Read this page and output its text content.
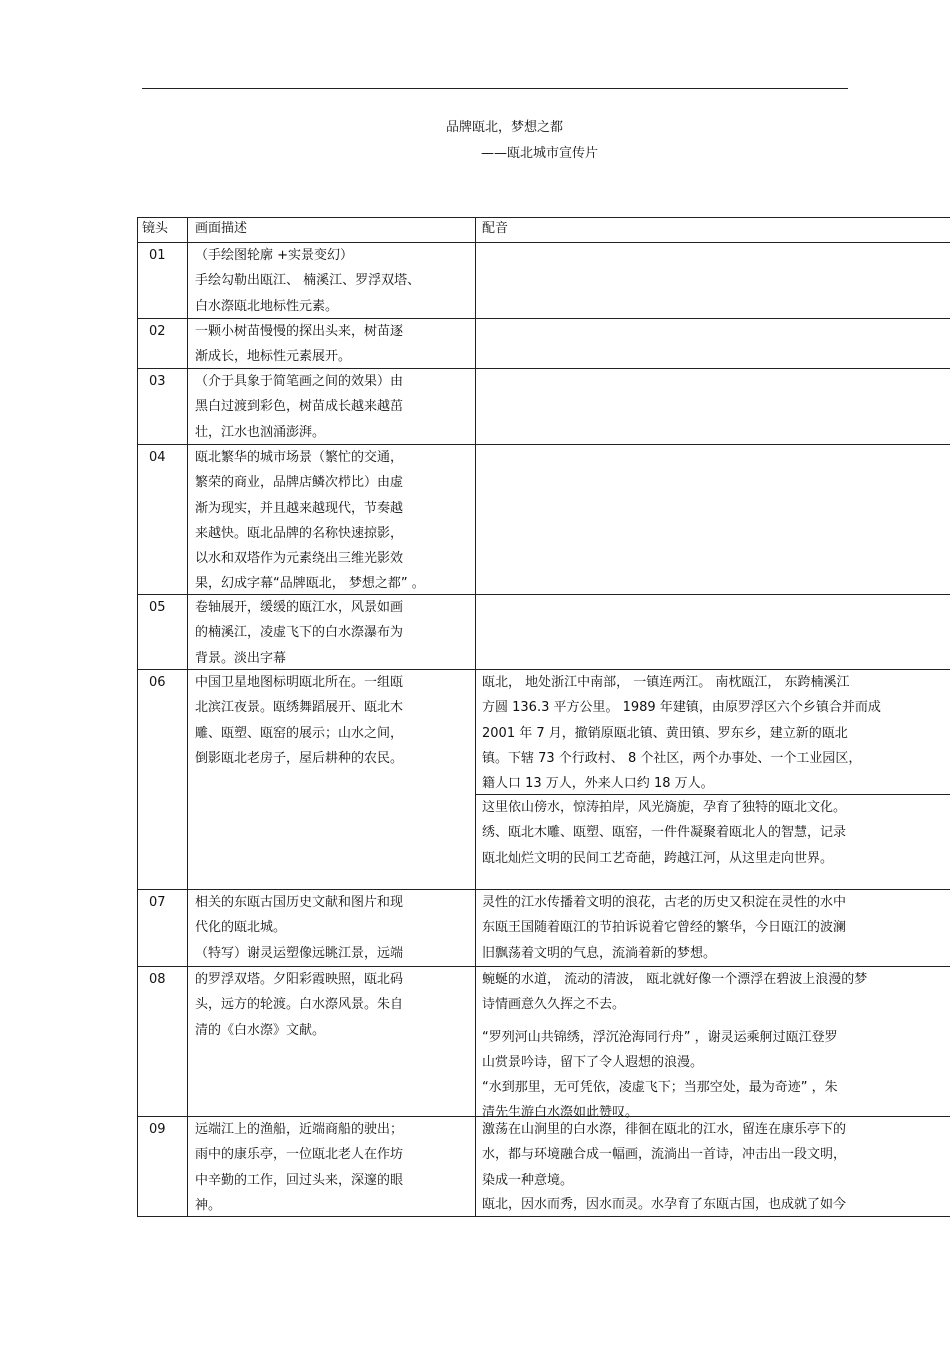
品牌瓯北，梦想之都
——瓯北城市宣传片
镜头 画面描述	配音
01 （手绘图轮廓 +实景变幻）
手绘勾勒出瓯江、 楠溪江、罗浮双塔、
白水漈瓯北地标性元素。
02 一颗小树苗慢慢的探出头来，树苗逐
渐成长，地标性元素展开。
03 （介于具象于简笔画之间的效果）由
黑白过渡到彩色，树苗成长越来越茁
壮，江水也汹涌澎湃。
04 瓯北繁华的城市场景（繁忙的交通，
繁荣的商业，品牌店鳞次栉比）由虚
渐为现实，并且越来越现代，节奏越
来越快。瓯北品牌的名称快速掠影，
以水和双塔作为元素绕出三维光影效
果，幻成字幕“品牌瓯北， 梦想之都” 。
05 卷轴展开，缓缓的瓯江水，风景如画
的楠溪江，凌虚飞下的白水漈瀑布为
背景。淡出字幕
06 中国卫星地图标明瓯北所在。一组瓯
北滨江夜景。瓯绣舞蹈展开、瓯北木
雕、瓯塑、瓯窑的展示；山水之间，
倒影瓯北老房子，屋后耕种的农民。
瓯北， 地处浙江中南部， 一镇连两江。 南枕瓯江， 东跨楠溪江
方圆 136.3 平方公里。 1989 年建镇，由原罗浮区六个乡镇合并而成
2001 年 7 月，撤销原瓯北镇、黄田镇、罗东乡，建立新的瓯北
镇。下辖 73 个行政村、 8 个社区，两个办事处、一个工业园区，
籍人口 13 万人，外来人口约 18 万人。
这里依山傍水，惊涛拍岸，风光旖旎，孕育了独特的瓯北文化。
绣、瓯北木雕、瓯塑、瓯窑，一件件凝聚着瓯北人的智慧，记录
瓯北灿烂文明的民间工艺奇葩，跨越江河，从这里走向世界。
07 相关的东瓯古国历史文献和图片和现
代化的瓯北城。
（特写）谢灵运塑像远眺江景，远端
灵性的江水传播着文明的浪花，古老的历史又积淀在灵性的水中
东瓯王国随着瓯江的节拍诉说着它曾经的繁华，今日瓯江的波澜
旧飘荡着文明的气息，流淌着新的梦想。
08 的罗浮双塔。夕阳彩霞映照，瓯北码
头，远方的轮渡。白水漈风景。朱自
清的《白水漈》文献。
蜿蜒的水道， 流动的清波， 瓯北就好像一个漂浮在碧波上浪漫的梦
诗情画意久久挥之不去。
“罗列河山共锦绣，浮沉沧海同行舟” ，谢灵运乘舸过瓯江登罗
山赏景吟诗，留下了令人遐想的浪漫。
“水到那里，无可凭依，凌虚飞下；当那空处，最为奇迹” ，朱
清先生游白水漈如此赞叹。
09 远端江上的渔船，近端商船的驶出；
雨中的康乐亭，一位瓯北老人在作坊
中辛勤的工作，回过头来，深邃的眼
神。
激荡在山涧里的白水漈，徘徊在瓯北的江水，留连在康乐亭下的
水，都与环境融合成一幅画，流淌出一首诗，冲击出一段文明，
染成一种意境。
瓯北，因水而秀，因水而灵。水孕育了东瓯古国，也成就了如今
